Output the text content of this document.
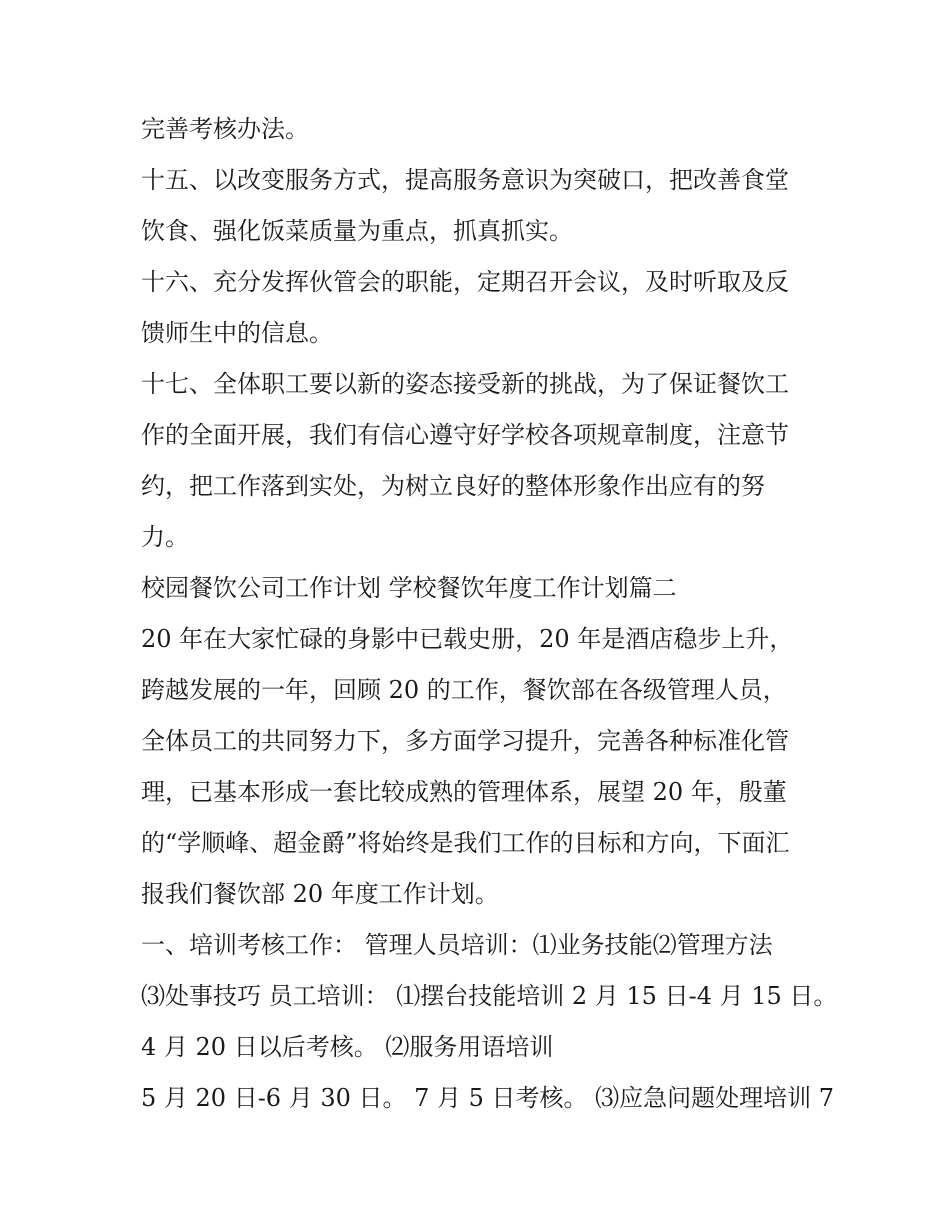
完善考核办法。
十五、以改变服务方式，提高服务意识为突破口，把改善食堂
饮食、强化饭菜质量为重点，抓真抓实。
十六、充分发挥伙管会的职能，定期召开会议，及时听取及反
馈师生中的信息。
十七、全体职工要以新的姿态接受新的挑战，为了保证餐饮工
作的全面开展，我们有信心遵守好学校各项规章制度，注意节
约，把工作落到实处，为树立良好的整体形象作出应有的努
力。
校园餐饮公司工作计划 学校餐饮年度工作计划篇二
20 年在大家忙碌的身影中已载史册，20 年是酒店稳步上升，
跨越发展的一年，回顾 20 的工作，餐饮部在各级管理人员，
全体员工的共同努力下，多方面学习提升，完善各种标准化管
理，已基本形成一套比较成熟的管理体系，展望 20 年，殷董
的“学顺峰、超金爵”将始终是我们工作的目标和方向，下面汇
报我们餐饮部 20 年度工作计划。
一、培训考核工作： 管理人员培训：⑴业务技能⑵管理方法
⑶处事技巧 员工培训： ⑴摆台技能培训 2 月 15 日-4 月 15 日。
4 月 20 日以后考核。 ⑵服务用语培训
5 月 20 日-6 月 30 日。 7 月 5 日考核。 ⑶应急问题处理培训 7
